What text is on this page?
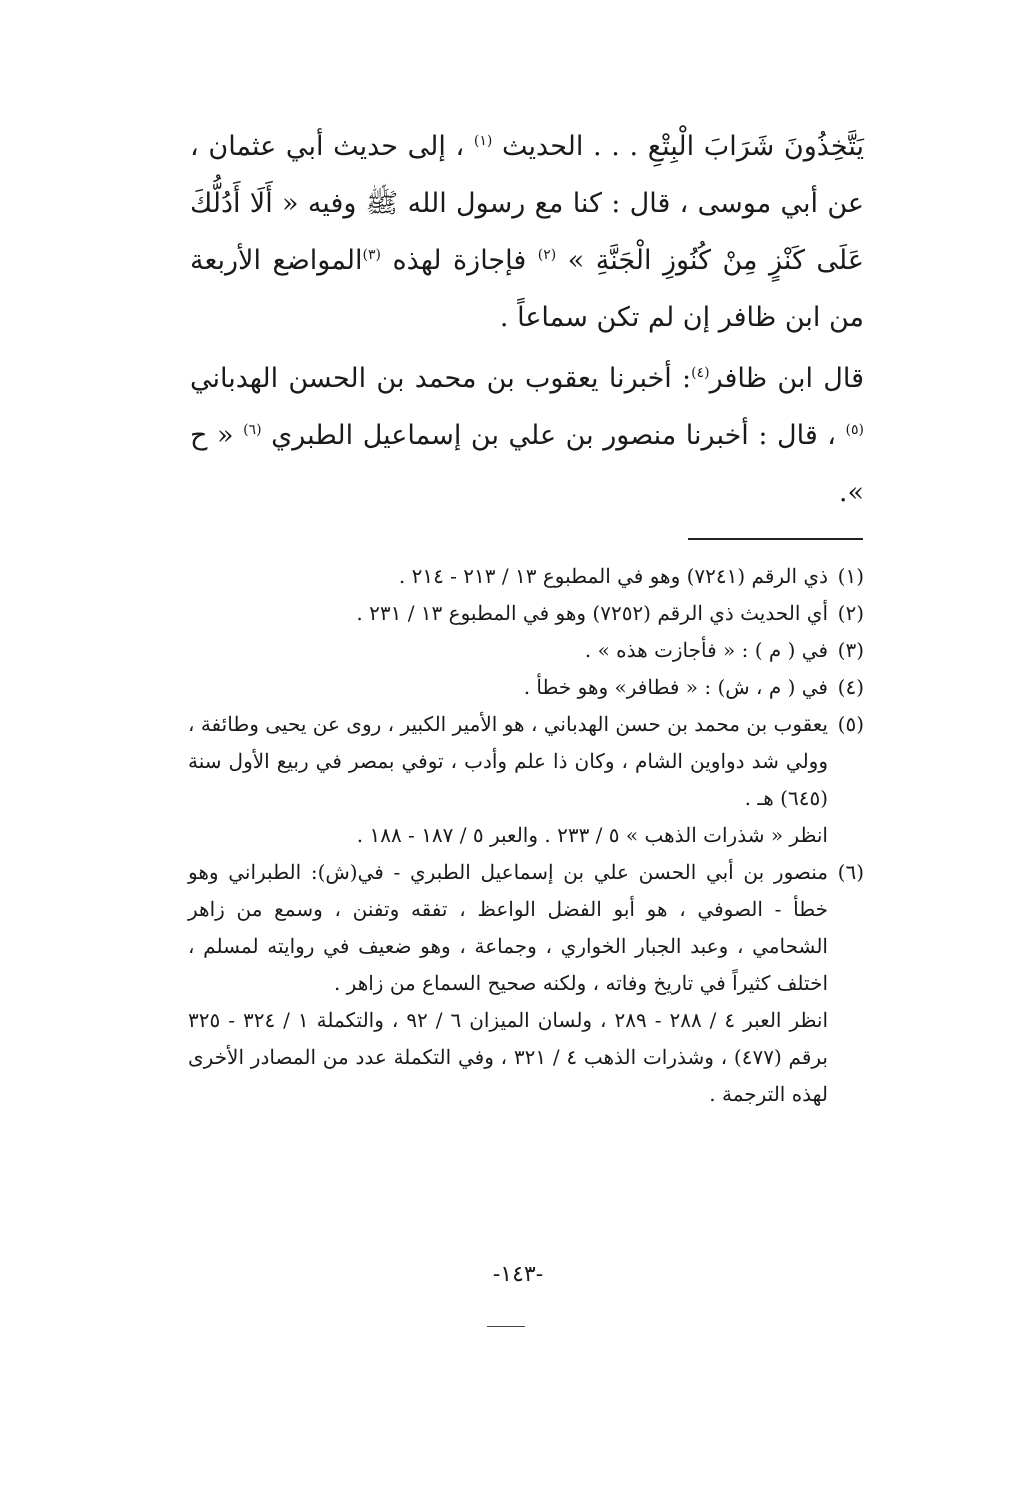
يَتَّخِذُونَ شَرَابَ الْبِتْعِ . . . الحديث $^{(١)}$ ، إلى حديث أبي عثمان ، عن أبي موسى ، قال : كنا مع رسول الله ﷺ وفيه « أَلَا أَدُلُّكَ عَلَى كَنْزٍ مِنْ كُنُوزِ الْجَنَّةِ » $^{(٢)}$ فإجازة لهذه $^{(٣)}$المواضع الأربعة من ابن ظافر إن لم تكن سماعاً .

قال ابن ظافر$^{(٤)}$: أخبرنا يعقوب بن محمد بن الحسن الهدباني $^{(٥)}$ ، قال : أخبرنا منصور بن علي بن إسماعيل الطبري $^{(٦)}$ « ح ».

(١)
ذي الرقم (٧٢٤١) وهو في المطبوع ١٣ / ٢١٣ - ٢١٤ .
(٢)
أي الحديث ذي الرقم (٧٢٥٢) وهو في المطبوع ١٣ / ٢٣١ .
(٣)
في ( م ) : « فأجازت هذه » .
(٤)
في ( م ، ش) : « فطافر» وهو خطأ .
(٥)
يعقوب بن محمد بن حسن الهدباني ، هو الأمير الكبير ، روى عن يحيى وطائفة ، وولي شد دواوين الشام ، وكان ذا علم وأدب ، توفي بمصر في ربيع الأول سنة (٦٤٥) هـ .

انظر « شذرات الذهب » ٥ / ٢٣٣ . والعبر ٥ / ١٨٧ - ١٨٨ .

(٦)
منصور بن أبي الحسن علي بن إسماعيل الطبري - في(ش): الطبراني وهو خطأ - الصوفي ، هو أبو الفضل الواعظ ، تفقه وتفنن ، وسمع من زاهر الشحامي ، وعبد الجبار الخواري ، وجماعة ، وهو ضعيف في روايته لمسلم ، اختلف كثيراً في تاريخ وفاته ، ولكنه صحيح السماع من زاهر .

انظر العبر ٤ / ٢٨٨ - ٢٨٩ ، ولسان الميزان ٦ / ٩٢ ، والتكملة ١ / ٣٢٤ - ٣٢٥ برقم (٤٧٧) ، وشذرات الذهب ٤ / ٣٢١ ، وفي التكملة عدد من المصادر الأخرى لهذه الترجمة .

-١٤٣-
